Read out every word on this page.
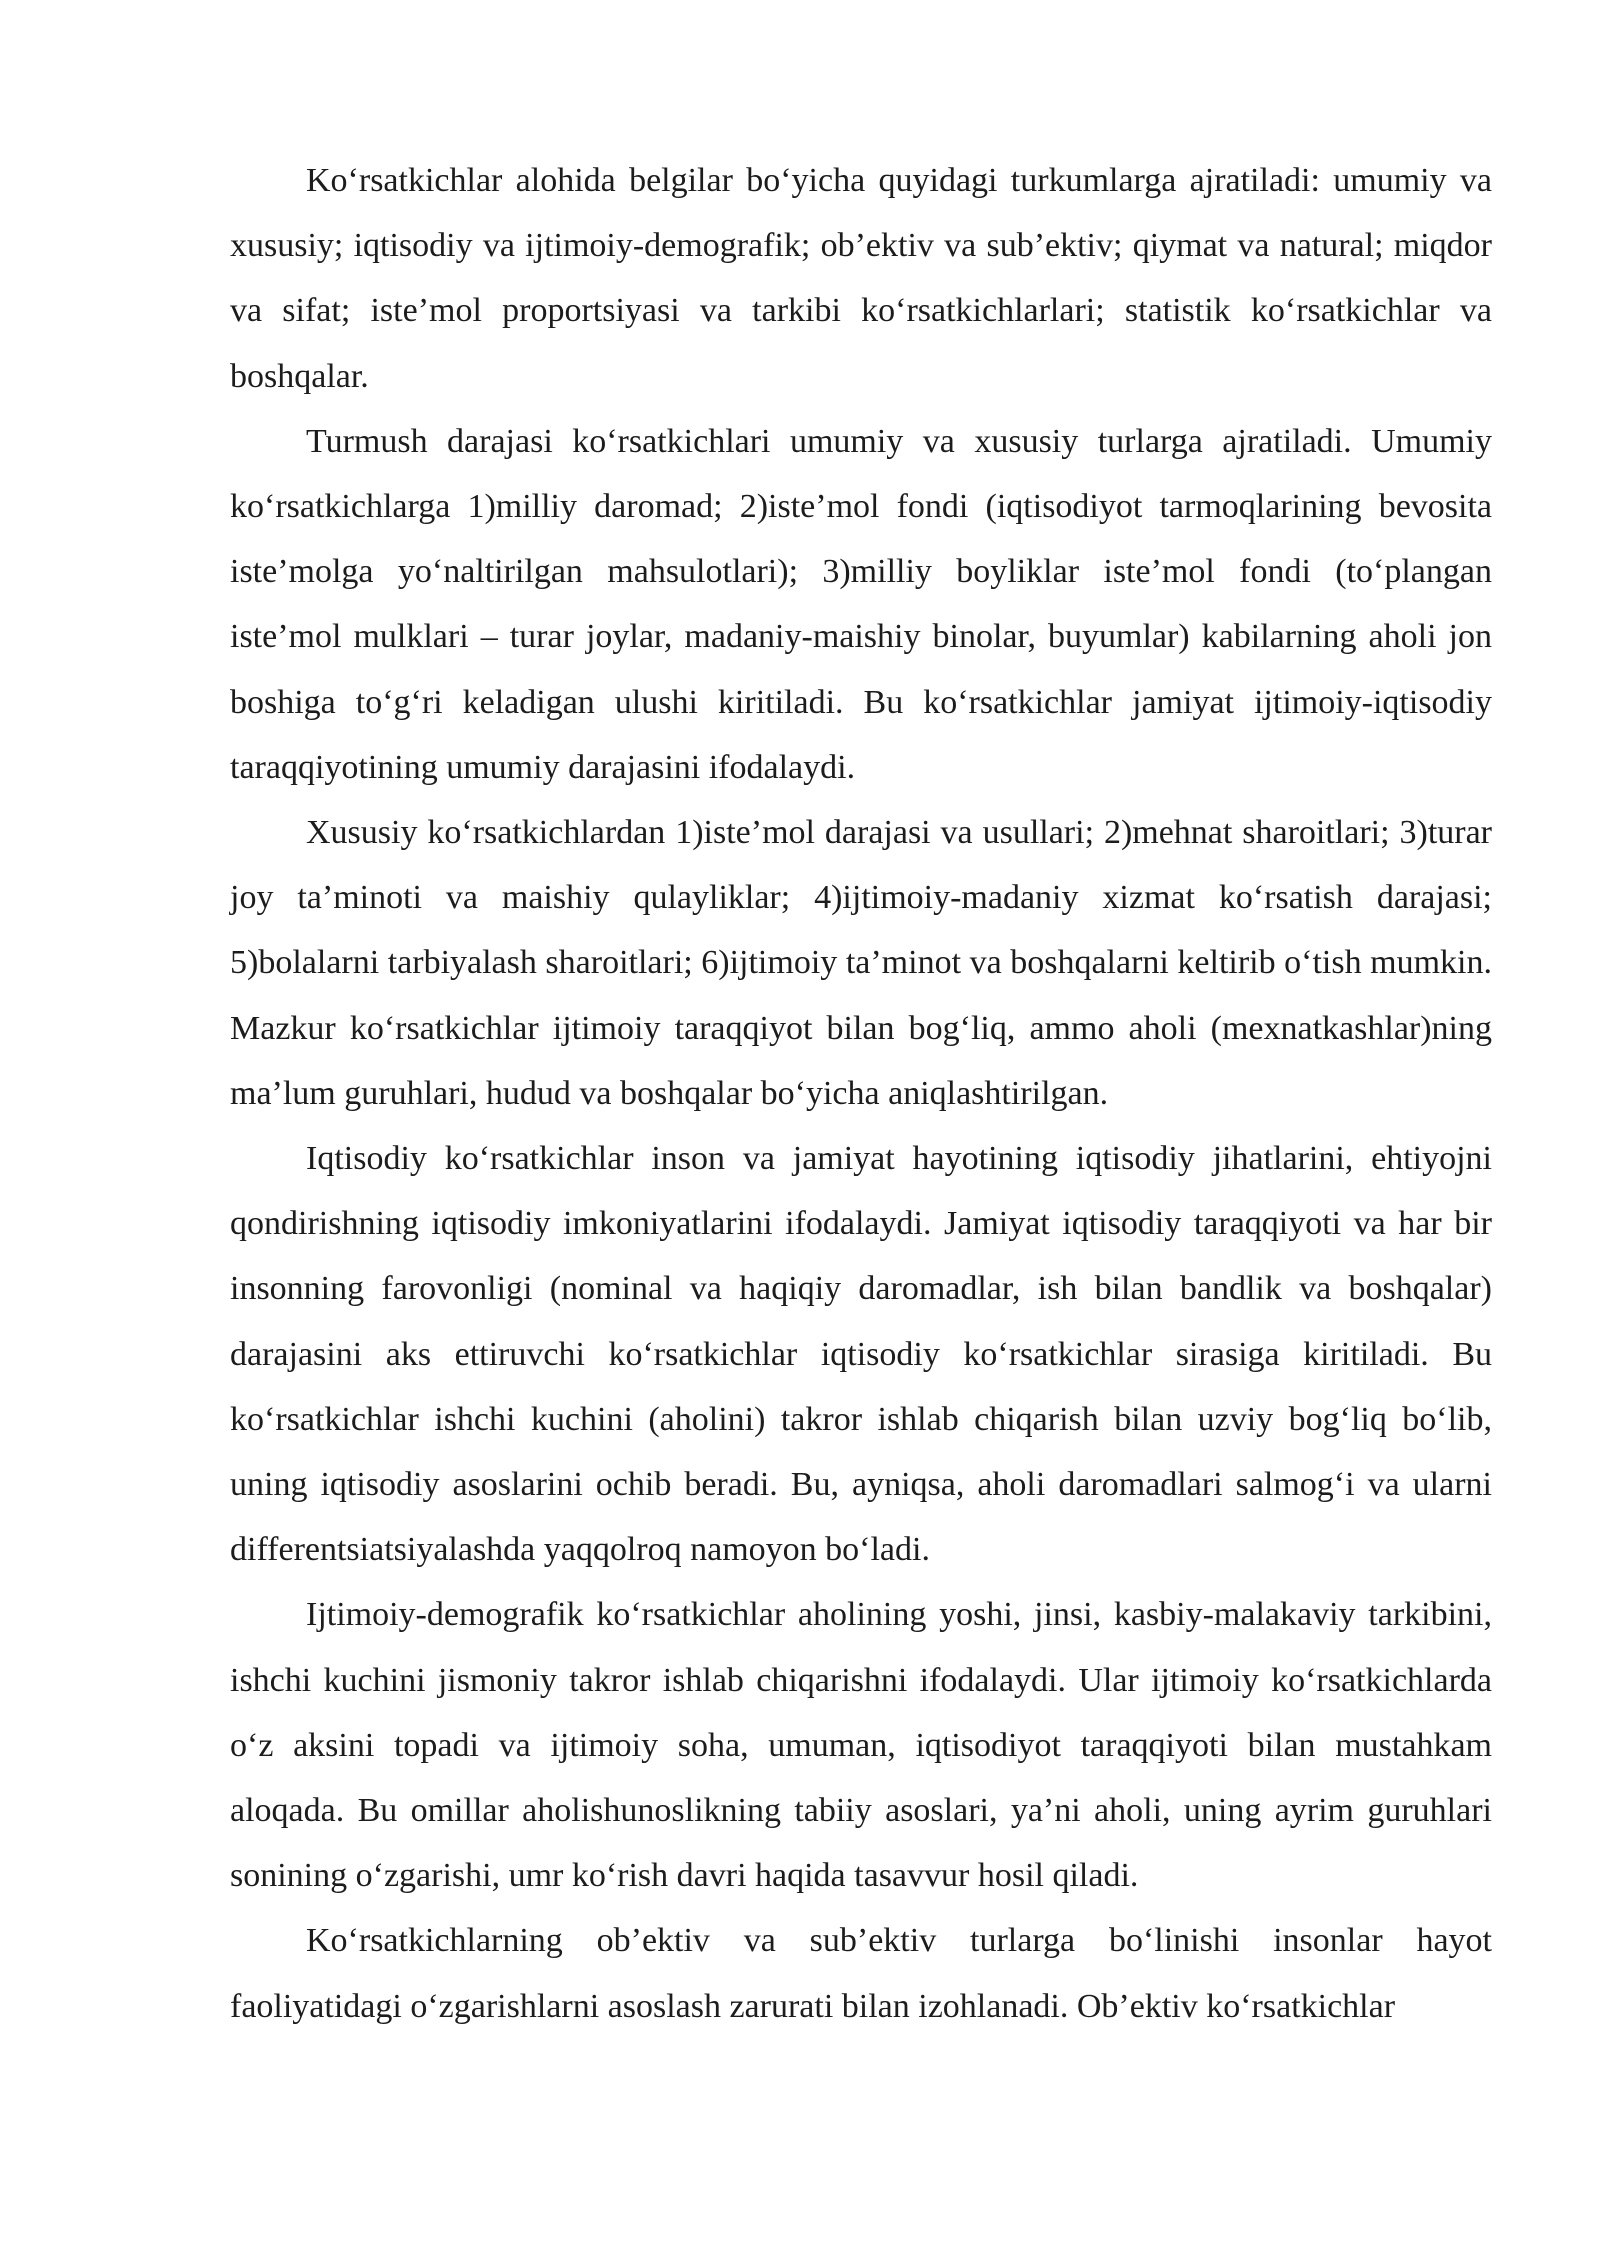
Ko‘rsatkichlar alohida belgilar bo‘yicha quyidagi turkumlarga ajratiladi: umumiy va xususiy; iqtisodiy va ijtimoiy-demografik; ob’ektiv va sub’ektiv; qiymat va natural; miqdor va sifat; iste’mol proportsiyasi va tarkibi ko‘rsatkichlarlari; statistik ko‘rsatkichlar va boshqalar.

Turmush darajasi ko‘rsatkichlari umumiy va xususiy turlarga ajratiladi. Umumiy ko‘rsatkichlarga 1)milliy daromad; 2)iste’mol fondi (iqtisodiyot tarmoqlarining bevosita iste’molga yo‘naltirilgan mahsulotlari); 3)milliy boyliklar iste’mol fondi (to‘plangan iste’mol mulklari – turar joylar, madaniy-maishiy binolar, buyumlar) kabilarning aholi jon boshiga to‘g‘ri keladigan ulushi kiritiladi. Bu ko‘rsatkichlar jamiyat ijtimoiy-iqtisodiy taraqqiyotining umumiy darajasini ifodalaydi.

Xususiy ko‘rsatkichlardan 1)iste’mol darajasi va usullari; 2)mehnat sharoitlari; 3)turar joy ta’minoti va maishiy qulayliklar; 4)ijtimoiy-madaniy xizmat ko‘rsatish darajasi; 5)bolalarni tarbiyalash sharoitlari; 6)ijtimoiy ta’minot va boshqalarni keltirib o‘tish mumkin. Mazkur ko‘rsatkichlar ijtimoiy taraqqiyot bilan bog‘liq, ammo aholi (mexnatkashlar)ning ma’lum guruhlari, hudud va boshqalar bo‘yicha aniqlashtirilgan.

Iqtisodiy ko‘rsatkichlar inson va jamiyat hayotining iqtisodiy jihatlarini, ehtiyojni qondirishning iqtisodiy imkoniyatlarini ifodalaydi. Jamiyat iqtisodiy taraqqiyoti va har bir insonning farovonligi (nominal va haqiqiy daromadlar, ish bilan bandlik va boshqalar) darajasini aks ettiruvchi ko‘rsatkichlar iqtisodiy ko‘rsatkichlar sirasiga kiritiladi. Bu ko‘rsatkichlar ishchi kuchini (aholini) takror ishlab chiqarish bilan uzviy bog‘liq bo‘lib, uning iqtisodiy asoslarini ochib beradi. Bu, ayniqsa, aholi daromadlari salmog‘i va ularni differentsiatsiyalashda yaqqolroq namoyon bo‘ladi.

Ijtimoiy-demografik ko‘rsatkichlar aholining yoshi, jinsi, kasbiy-malakaviy tarkibini, ishchi kuchini jismoniy takror ishlab chiqarishni ifodalaydi. Ular ijtimoiy ko‘rsatkichlarda o‘z aksini topadi va ijtimoiy soha, umuman, iqtisodiyot taraqqiyoti bilan mustahkam aloqada. Bu omillar aholishunoslikning tabiiy asoslari, ya’ni aholi, uning ayrim guruhlari sonining o‘zgarishi, umr ko‘rish davri haqida tasavvur hosil qiladi.

Ko‘rsatkichlarning ob’ektiv va sub’ektiv turlarga bo‘linishi insonlar hayot faoliyatidagi o‘zgarishlarni asoslash zarurati bilan izohlanadi. Ob’ektiv ko‘rsatkichlar
